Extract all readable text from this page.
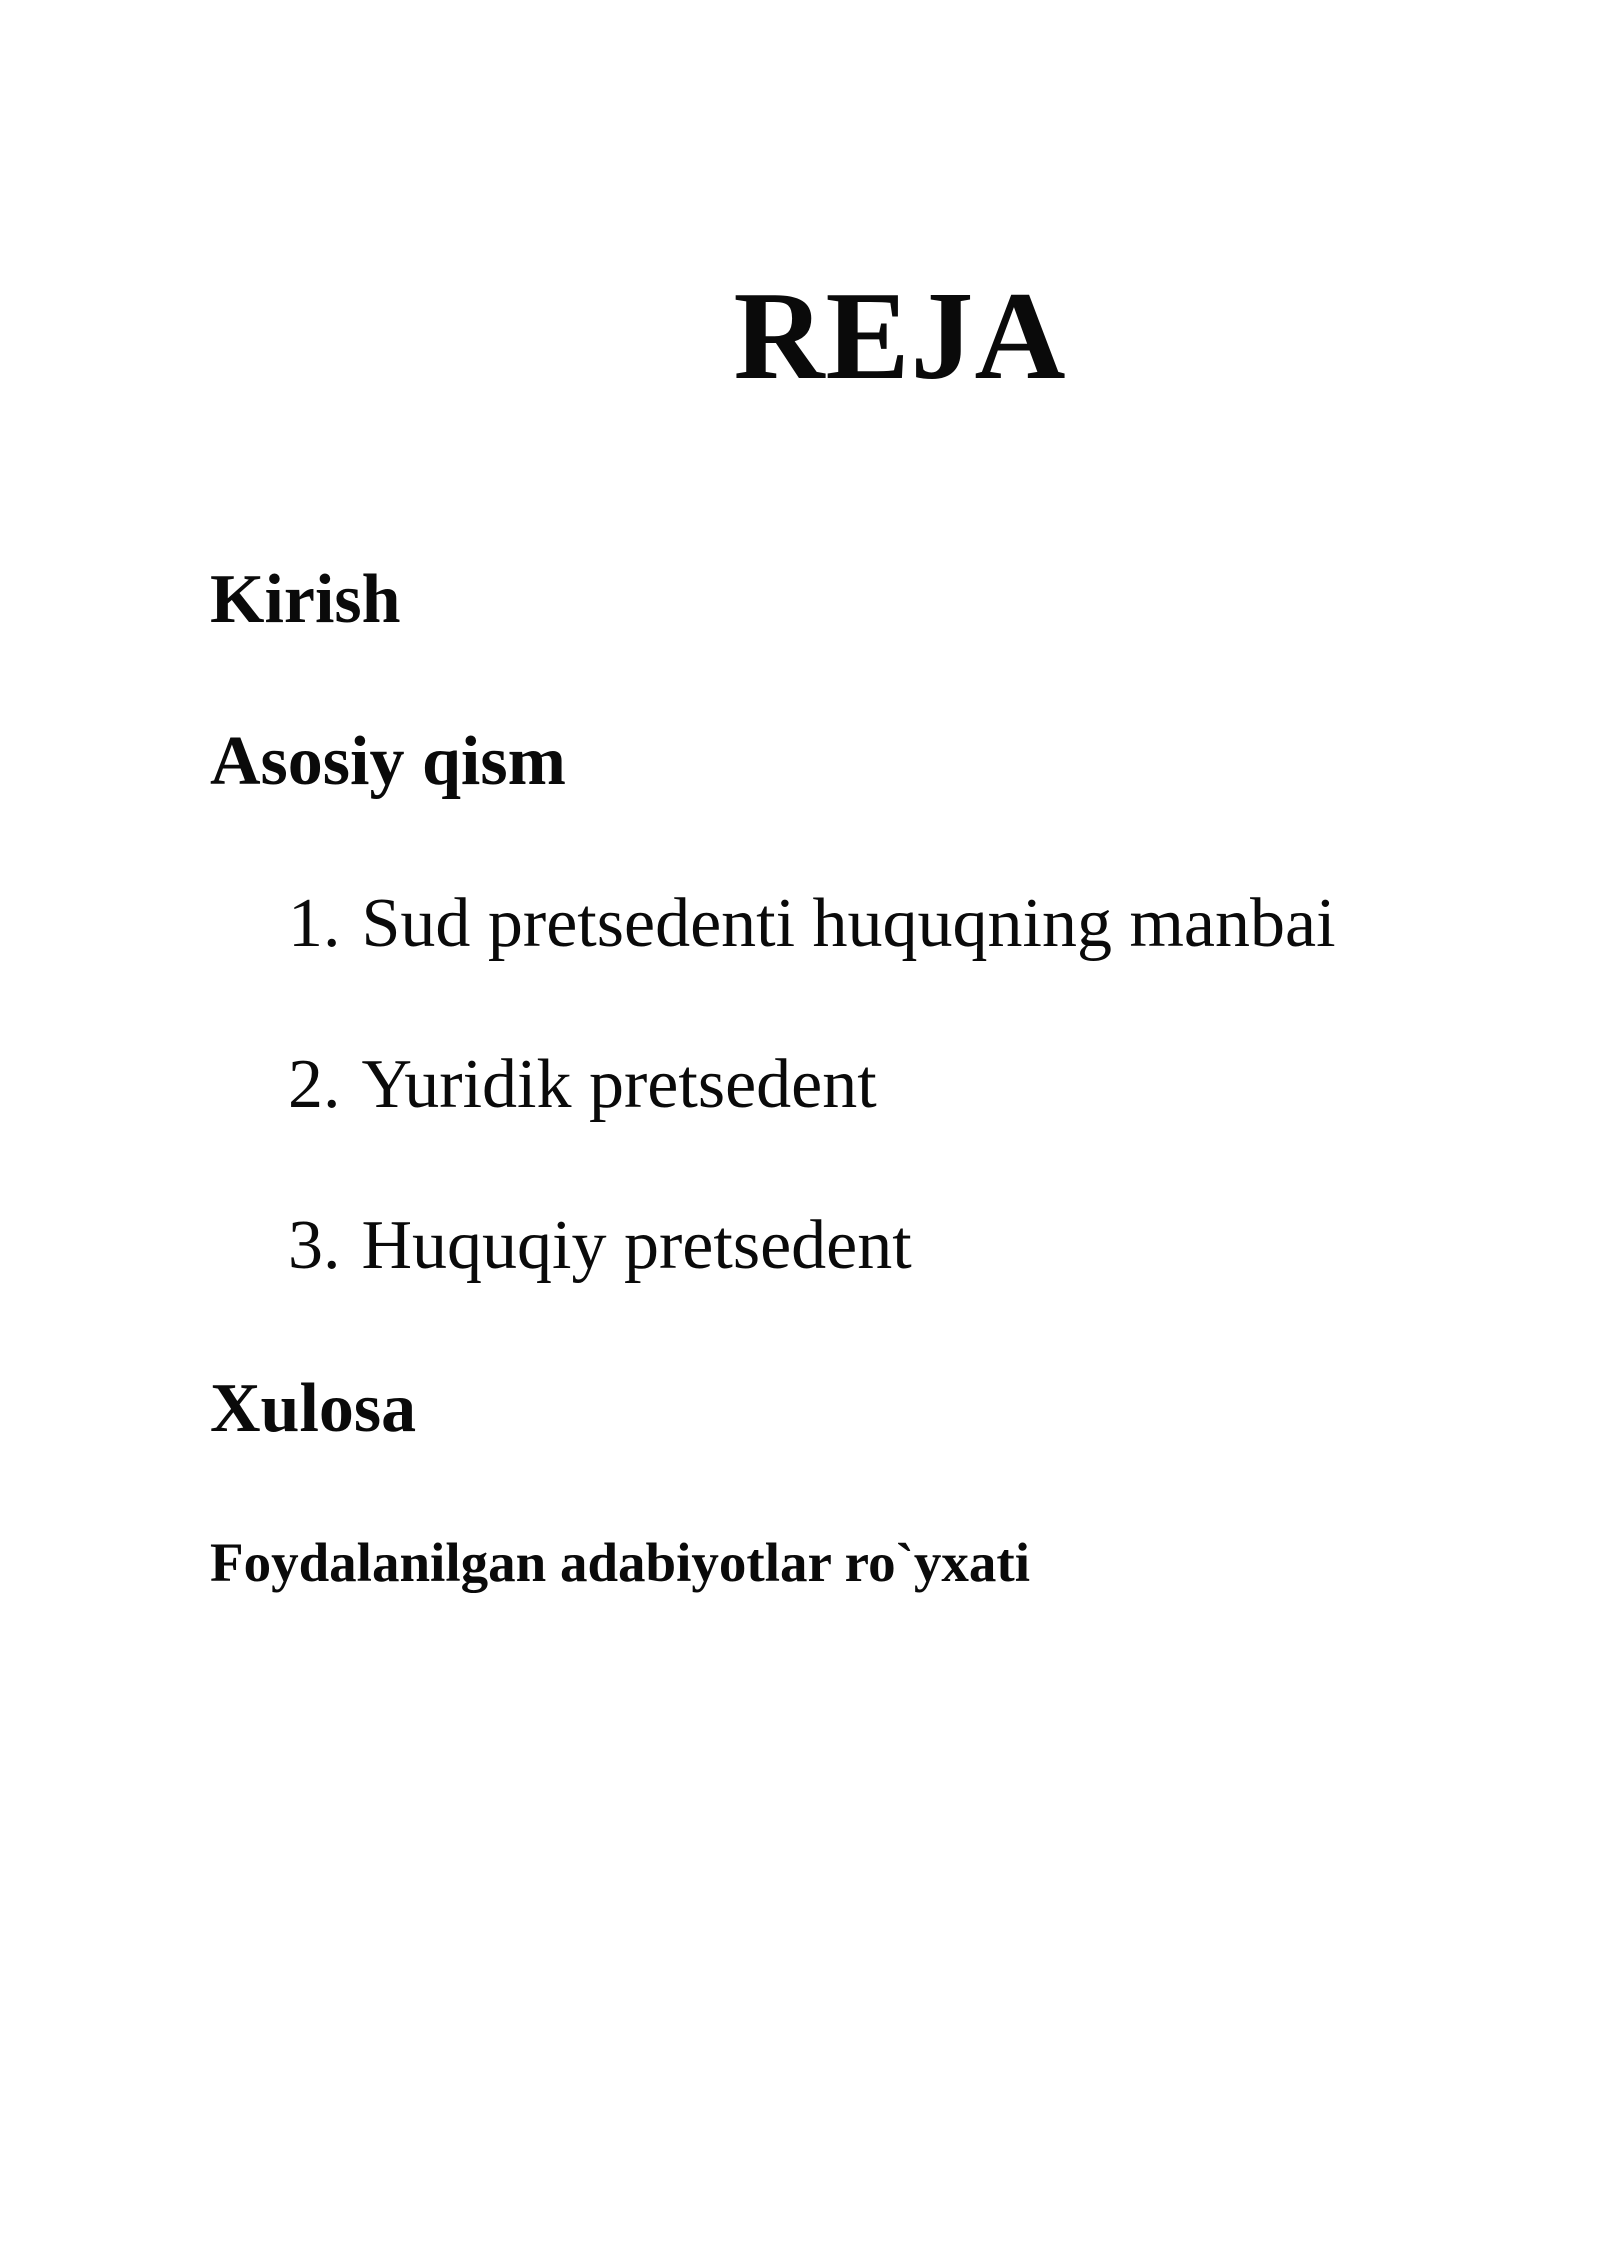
REJA
Kirish
Asosiy qism
1. Sud pretsedenti huquqning manbai
2. Yuridik pretsedent
3. Huquqiy pretsedent
Xulosa
Foydalanilgan adabiyotlar ro`yxati
